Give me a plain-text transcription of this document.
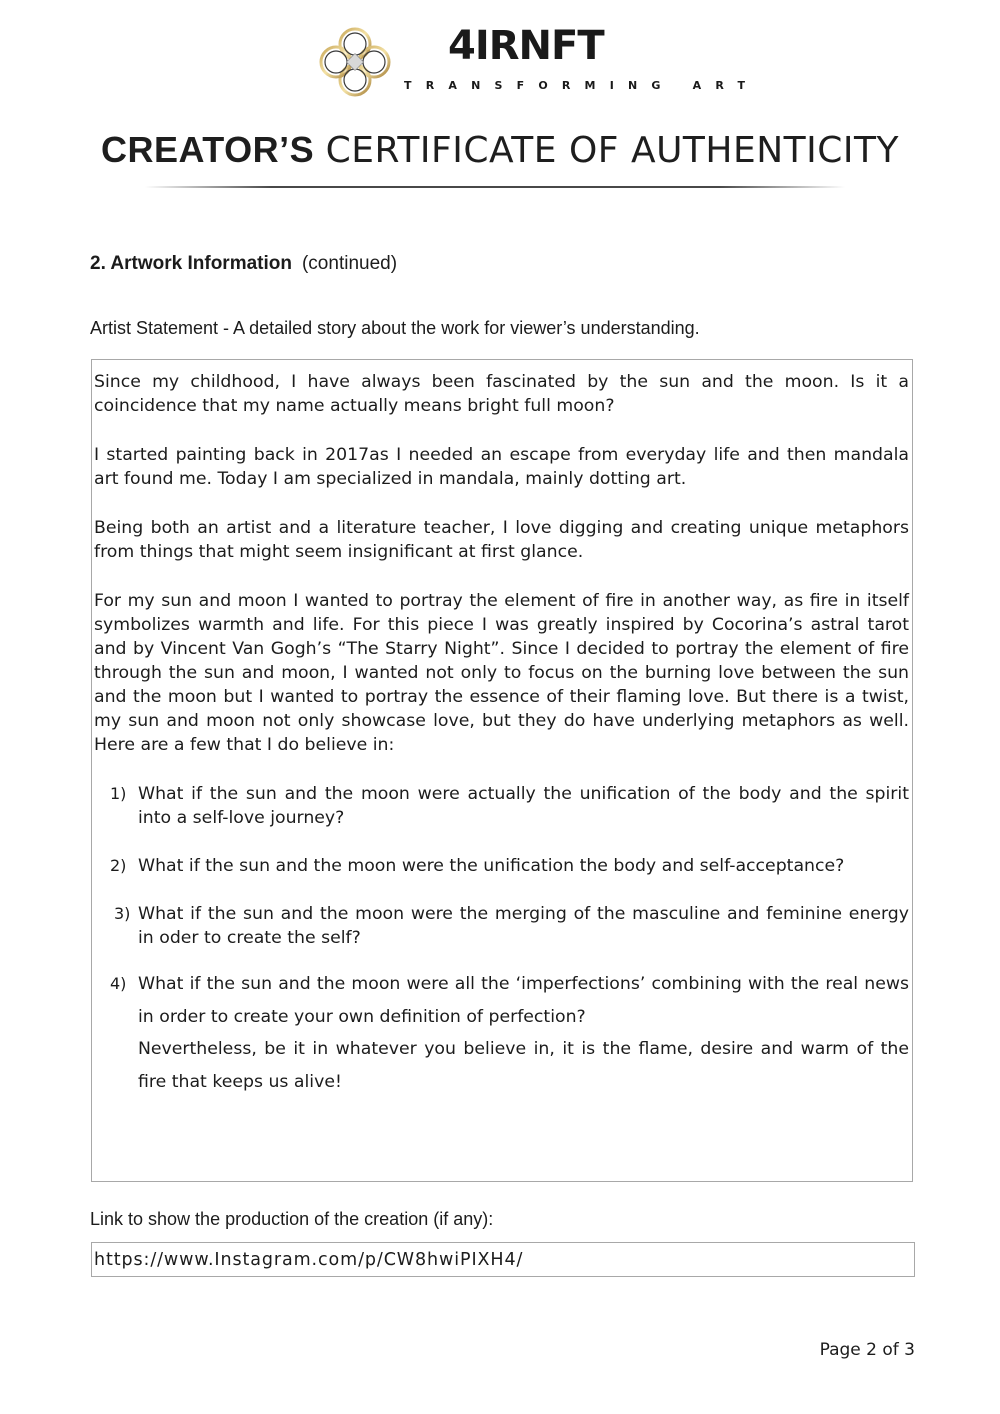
4IRNFT
TRANSFORMING ART
CREATOR’S CERTIFICATE OF AUTHENTICITY
2. Artwork Information (continued)
Artist Statement - A detailed story about the work for viewer’s understanding.

Since my childhood, I have always been fascinated by the sun and the moon. Is it a coincidence that my name actually means bright full moon?

I started painting back in 2017as I needed an escape from everyday life and then mandala art found me. Today I am specialized in mandala, mainly dotting art.

Being both an artist and a literature teacher, I love digging and creating unique metaphors from things that might seem insignificant at first glance.

For my sun and moon I wanted to portray the element of fire in another way, as fire in itself symbolizes warmth and life. For this piece I was greatly inspired by Cocorina’s astral tarot and by Vincent Van Gogh’s “The Starry Night”. Since I decided to portray the element of fire through the sun and moon, I wanted not only to focus on the burning love between the sun and the moon but I wanted to portray the essence of their flaming love. But there is a twist, my sun and moon not only showcase love, but they do have underlying metaphors as well. Here are a few that I do believe in:

1) What if the sun and the moon were actually the unification of the body and the spirit into a self-love journey?
2) What if the sun and the moon were the unification the body and self-acceptance?
3) What if the sun and the moon were the merging of the masculine and feminine energy in oder to create the self?
4) What if the sun and the moon were all the ‘imperfections’ combining with the real news in order to create your own definition of perfection?
Nevertheless, be it in whatever you believe in, it is the flame, desire and warm of the fire that keeps us alive!
Link to show the production of the creation (if any):
https://www.Instagram.com/p/CW8hwiPIXH4/
Page 2 of 3
